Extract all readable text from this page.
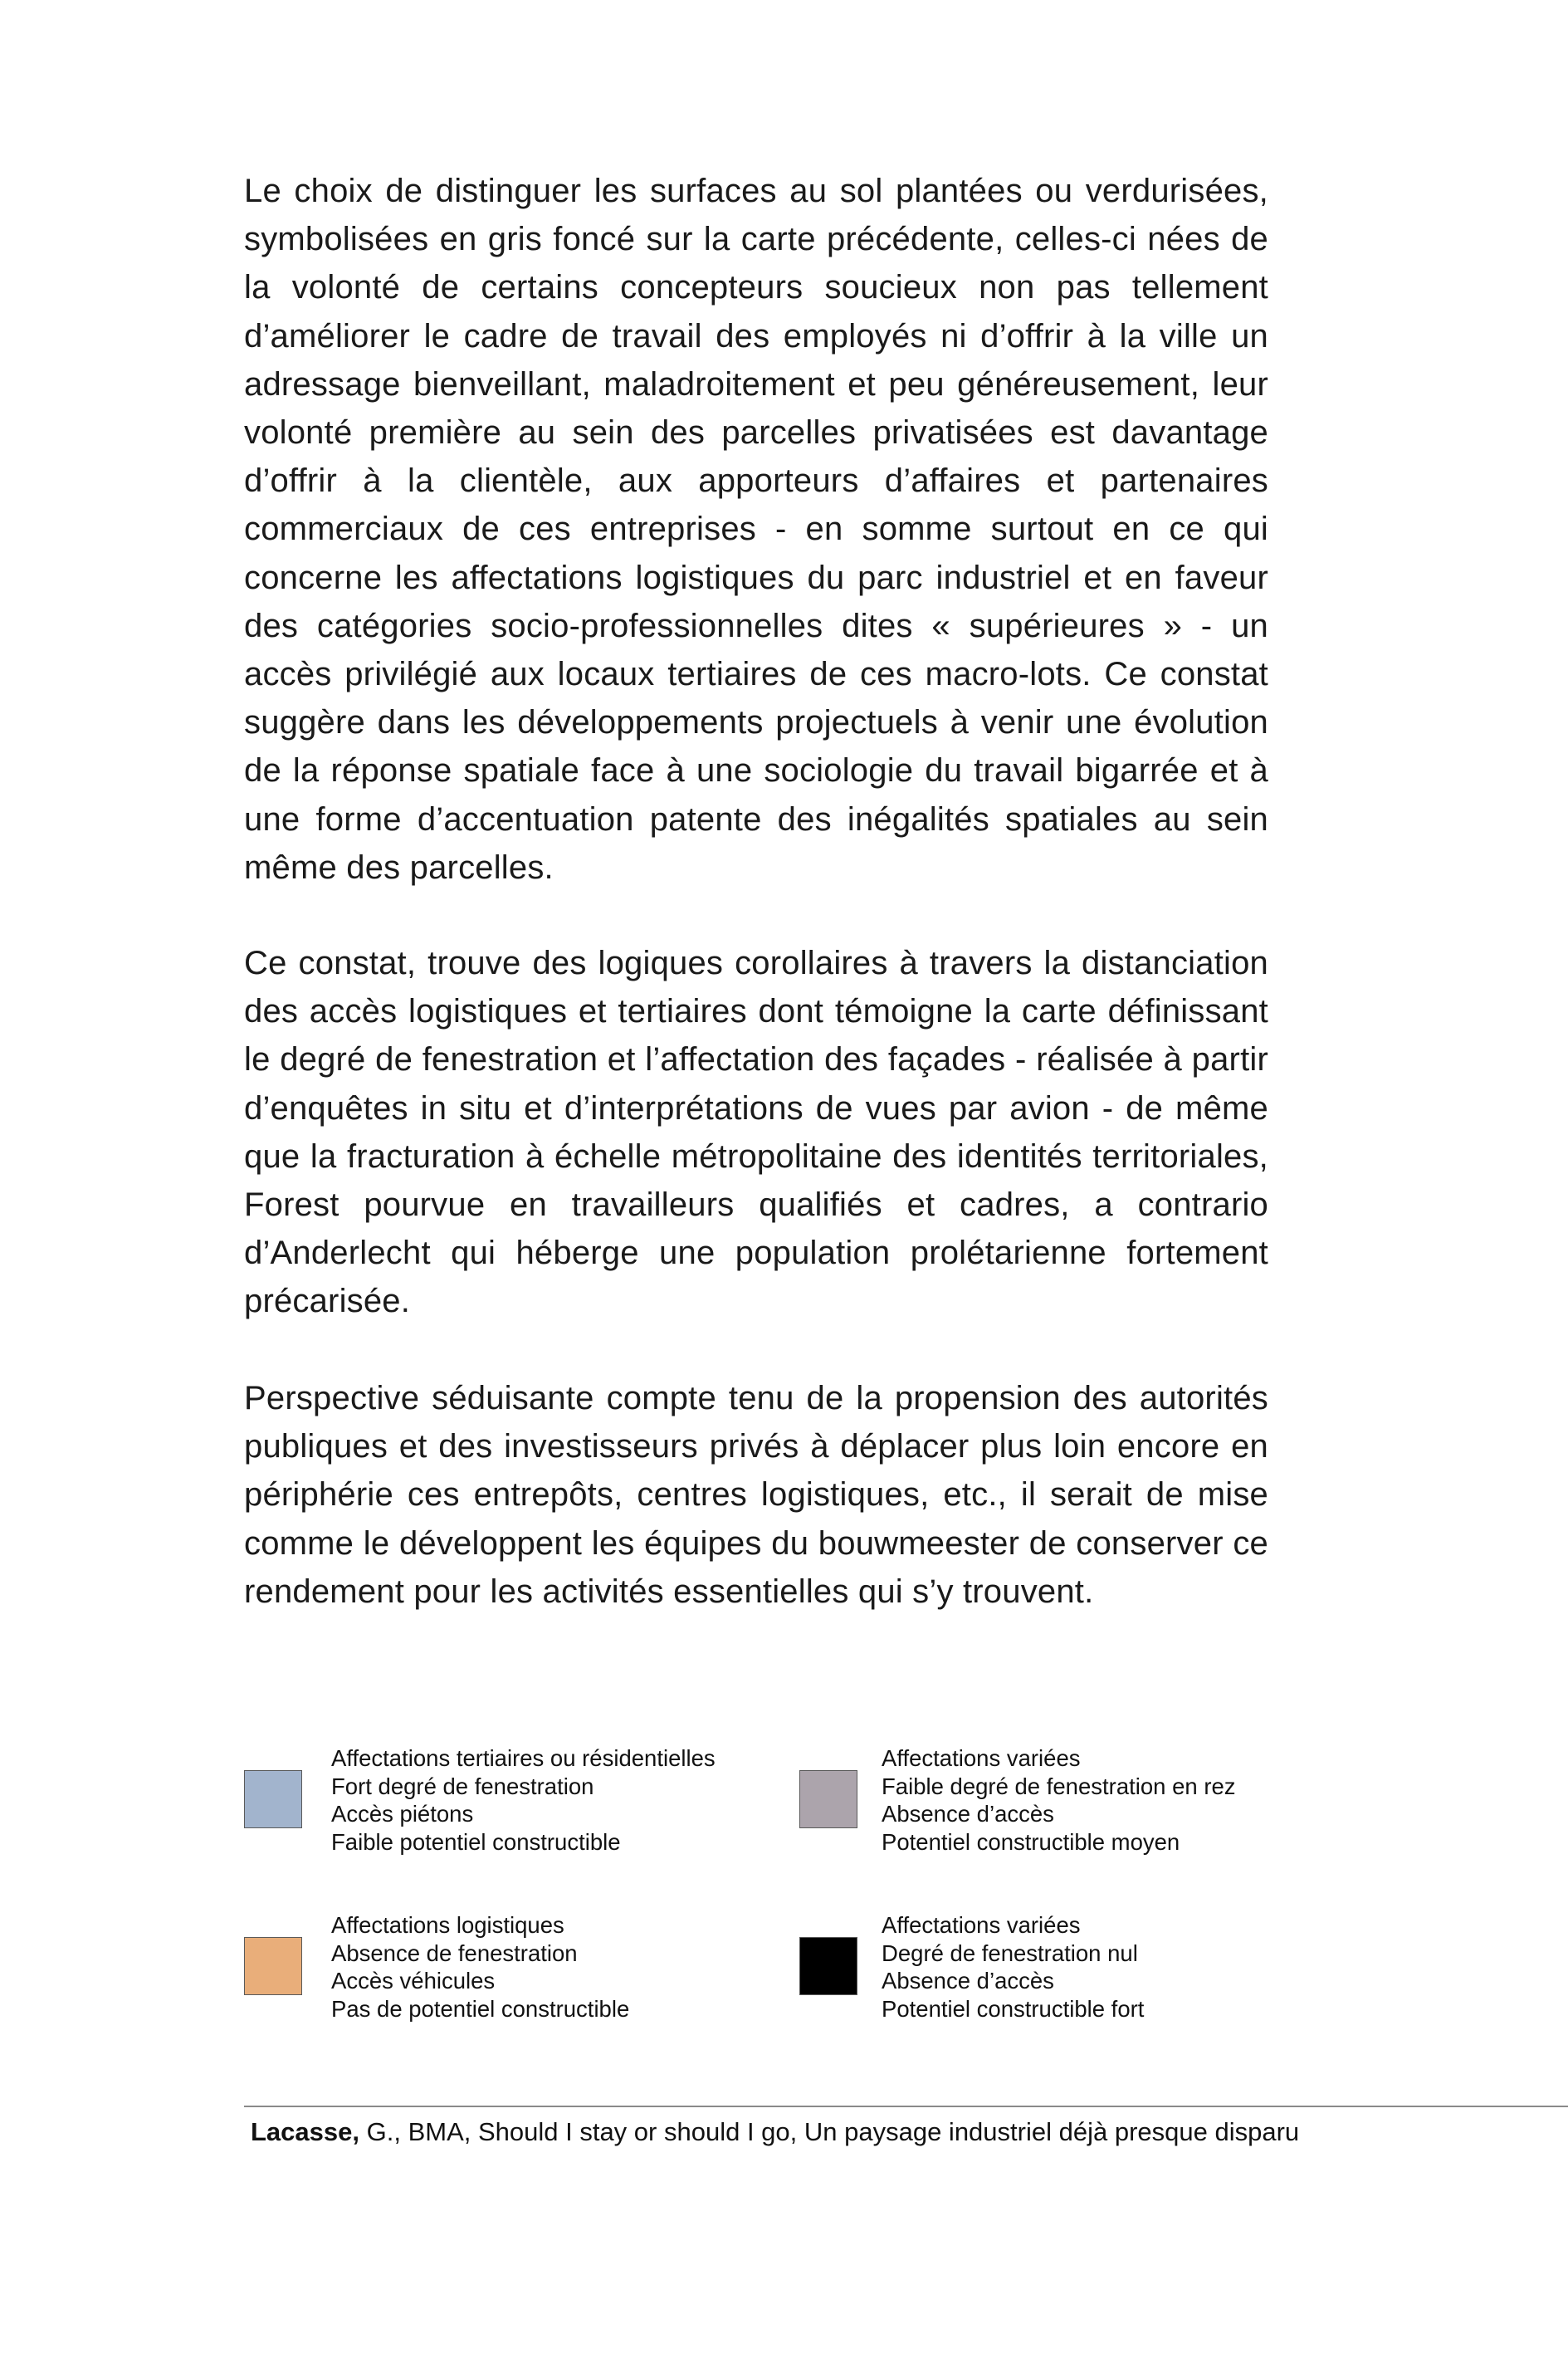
Le choix de distinguer les surfaces au sol plantées ou verdurisées, symbolisées en gris foncé sur la carte précédente, celles-ci nées de la volonté de certains concepteurs soucieux non pas tellement d’améliorer le cadre de travail des employés ni d’offrir à la ville un adressage bienveillant, maladroitement et peu généreusement, leur volonté première au sein des parcelles privatisées est davantage d’offrir à la clientèle, aux apporteurs d’affaires et partenaires commerciaux de ces entreprises - en somme surtout en ce qui concerne les affectations logistiques du parc industriel et en faveur des catégories socio-professionnelles dites « supérieures » - un accès privilégié aux locaux tertiaires de ces macro-lots. Ce constat suggère dans les développements projectuels à venir une évolution de la réponse spatiale face à une sociologie du travail bigarrée et à une forme d’accentuation patente des inégalités spatiales au sein même des parcelles.

Ce constat, trouve des logiques corollaires à travers la distanciation des accès logistiques et tertiaires dont témoigne la carte définissant le degré de fenestration et l’affectation des façades - réalisée à partir d’enquêtes in situ et d’interprétations de vues par avion - de même que la fracturation à échelle métropolitaine des identités territoriales, Forest pourvue en travailleurs qualifiés et cadres, a contrario d’Anderlecht qui héberge une population prolétarienne fortement précarisée.

Perspective séduisante compte tenu de la propension des autorités publiques et des investisseurs privés à déplacer plus loin encore en périphérie ces entrepôts, centres logistiques, etc., il serait de mise comme le développent les équipes du bouwmeester de conserver ce rendement pour les activités essentielles qui s’y trouvent.

Affectations tertiaires ou résidentielles
Fort degré de fenestration
Accès piétons
Faible potentiel constructible
Affectations variées
Faible degré de fenestration en rez
Absence d’accès
Potentiel constructible moyen
Affectations logistiques
Absence de fenestration
Accès véhicules
Pas de potentiel constructible
Affectations variées
Degré de fenestration nul
Absence d’accès
Potentiel constructible fort
Lacasse, G., BMA, Should I stay or should I go, Un paysage industriel déjà presque disparu
